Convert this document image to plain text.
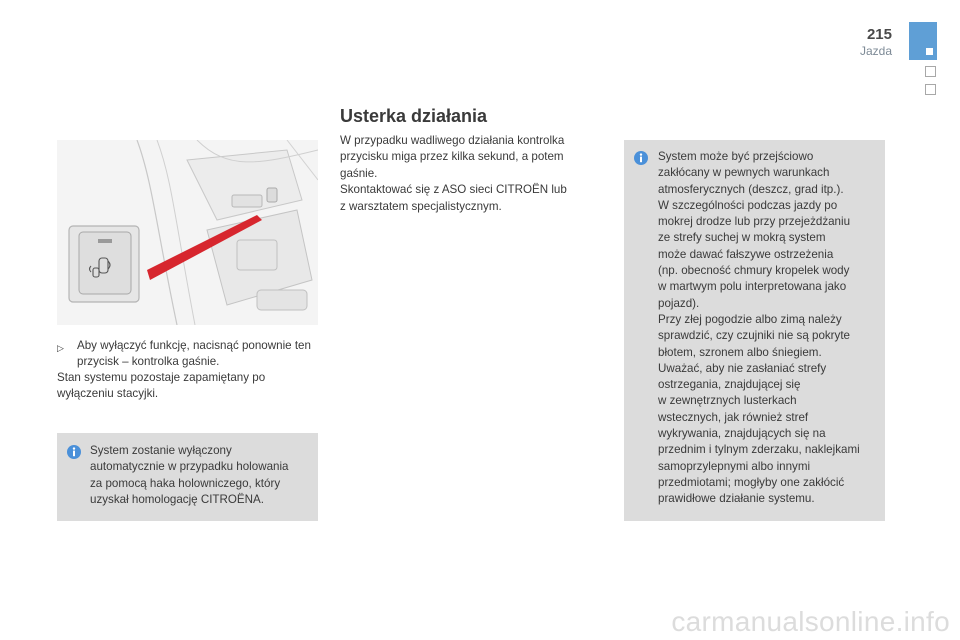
215
Jazda
▷	Aby wyłączyć funkcję, nacisnąć ponownie ten przycisk – kontrolka gaśnie.
Stan systemu pozostaje zapamiętany po wyłączeniu stacyjki.

System zostanie wyłączony

automatycznie w przypadku holowania

za pomocą haka holowniczego, który

uzyskał homologację CITROËNA.

Usterka działania

W przypadku wadliwego działania kontrolka

przycisku miga przez kilka sekund, a potem

gaśnie.

Skontaktować się z ASO sieci CITROËN lub

z warsztatem specjalistycznym.

System może być przejściowo

zakłócany w pewnych warunkach

atmosferycznych (deszcz, grad itp.).

W szczególności podczas jazdy po

mokrej drodze lub przy przejeżdżaniu

ze strefy suchej w mokrą system

może dawać fałszywe ostrzeżenia

(np. obecność chmury kropelek wody

w martwym polu interpretowana jako

pojazd).

Przy złej pogodzie albo zimą należy

sprawdzić, czy czujniki nie są pokryte

błotem, szronem albo śniegiem.

Uważać, aby nie zasłaniać strefy

ostrzegania, znajdującej się

w zewnętrznych lusterkach

wstecznych, jak również stref

wykrywania, znajdujących się na

przednim i tylnym zderzaku, naklejkami

samoprzylepnymi albo innymi

przedmiotami; mogłyby one zakłócić

prawidłowe działanie systemu.

carmanualsonline.info
